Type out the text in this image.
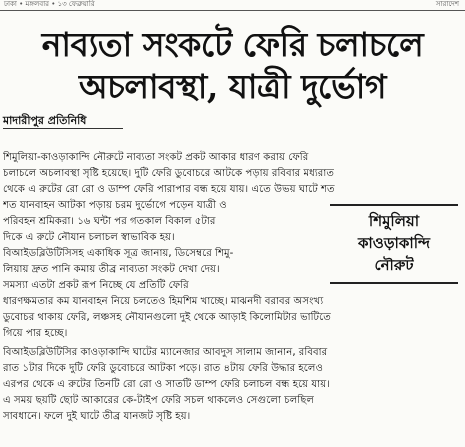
ঢাকা • মঙ্গলবার • ১৩ ফেব্রুয়ারি	সারাদেশ
নাব্যতা সংকটে ফেরি চলাচলে
অচলাবস্থা, যাত্রী দুর্ভোগ
মাদারীপুর প্রতিনিধি
শিমুলিয়া-কাওড়াকান্দি নৌরুটে নাব্যতা সংকট প্রকট আকার ধারণ করায় ফেরি
চলাচলে অচলাবস্থা সৃষ্টি হয়েছে। দুটি ফেরি ডুবোচরে আটকে পড়ায় রবিবার মধ্যরাত
থেকে এ রুটের রো রো ও ডাম্প ফেরি পারাপার বন্ধ হয়ে যায়। এতে উভয় ঘাটে শত
শত যানবাহন আটকা পড়ায় চরম দুর্ভোগে পড়েন যাত্রী ও
পরিবহন শ্রমিকরা। ১৬ ঘন্টা পর গতকাল বিকাল ৫টার
দিকে এ রুটে নৌযান চলাচল স্বাভাবিক হয়।
বিআইডব্লিউটিসিসহ একাধিক সূত্র জানায়, ডিসেম্বরে শিমু-
লিয়ায় দ্রুত পানি কমায় তীব্র নাব্যতা সংকট দেখা দেয়।
সমস্যা এতটা প্রকট রূপ নিচ্ছে যে প্রতিটি ফেরি
শিমুলিয়া
কাওড়াকান্দি
নৌরুট
ধারণক্ষমতার কম যানবাহন নিয়ে চলতেও হিমশিম খাচ্ছে। মাঝনদী বরাবর অসংখ্য
ডুবোচর থাকায় ফেরি, লঞ্চসহ নৌযানগুলো দুই থেকে আড়াই কিলোমিটার ভাটিতে
গিয়ে পার হচ্ছে।
বিআইডব্লিউটিসির কাওড়াকান্দি ঘাটের ম্যানেজার আবদুস সালাম জানান, রবিবার
রাত ১টার দিকে দুটি ফেরি ডুবোচরে আটকা পড়ে। রাত ৪টায় ফেরি উদ্ধার হলেও
এরপর থেকে এ রুটের তিনটি রো রো ও সাতটি ডাম্প ফেরি চলাচল বন্ধ হয়ে যায়।
এ সময় ছয়টি ছোট আকারের কে-টাইপ ফেরি সচল থাকলেও সেগুলো চলছিল
সাবধানে। ফলে দুই ঘাটে তীব্র যানজট সৃষ্টি হয়।
